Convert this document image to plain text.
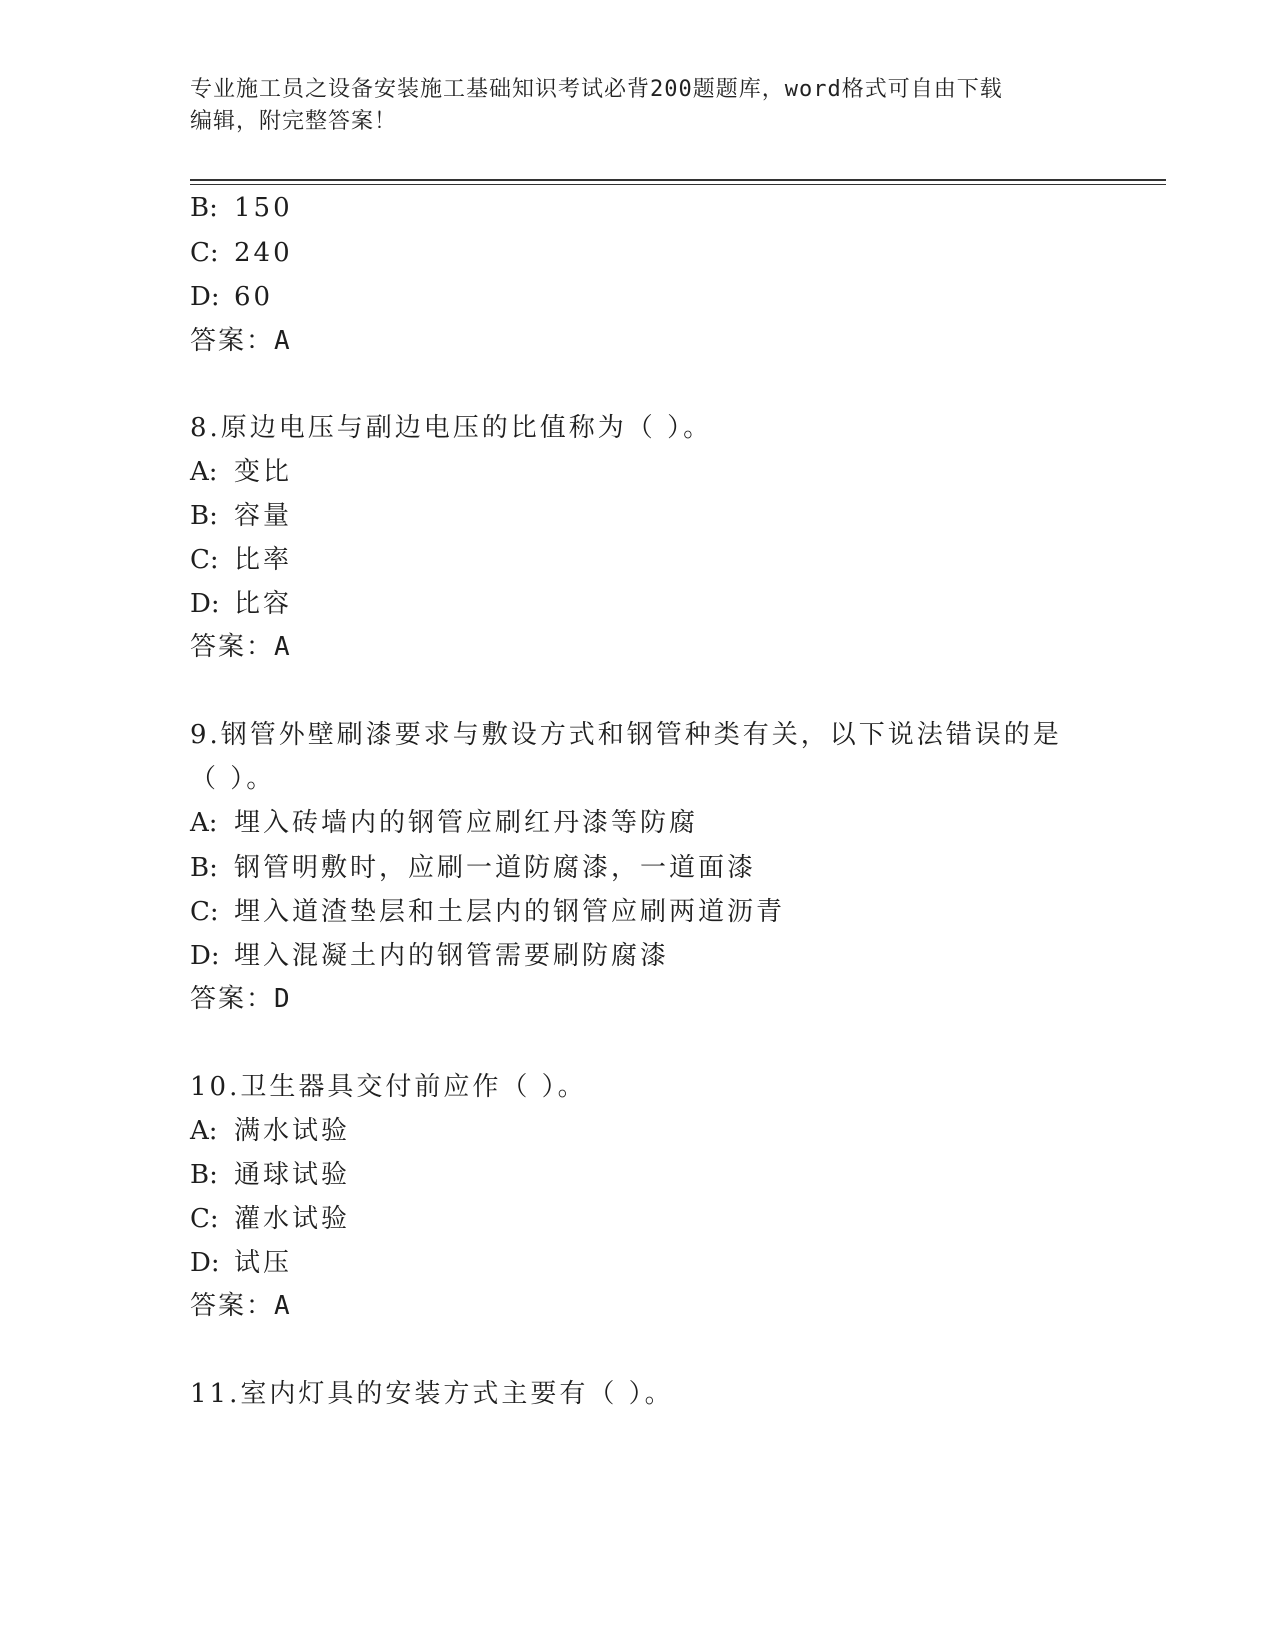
专业施工员之设备安装施工基础知识考试必背200题题库，word格式可自由下载
编辑，附完整答案！
B: 150
C: 240
D: 60
答案：A
8.原边电压与副边电压的比值称为（ ）。
A: 变比
B: 容量
C: 比率
D: 比容
答案：A
9.钢管外壁刷漆要求与敷设方式和钢管种类有关，以下说法错误的是
（ ）。
A: 埋入砖墙内的钢管应刷红丹漆等防腐
B: 钢管明敷时，应刷一道防腐漆，一道面漆
C: 埋入道渣垫层和土层内的钢管应刷两道沥青
D: 埋入混凝土内的钢管需要刷防腐漆
答案：D
10.卫生器具交付前应作（ ）。
A: 满水试验
B: 通球试验
C: 灌水试验
D: 试压
答案：A
11.室内灯具的安装方式主要有（ ）。
